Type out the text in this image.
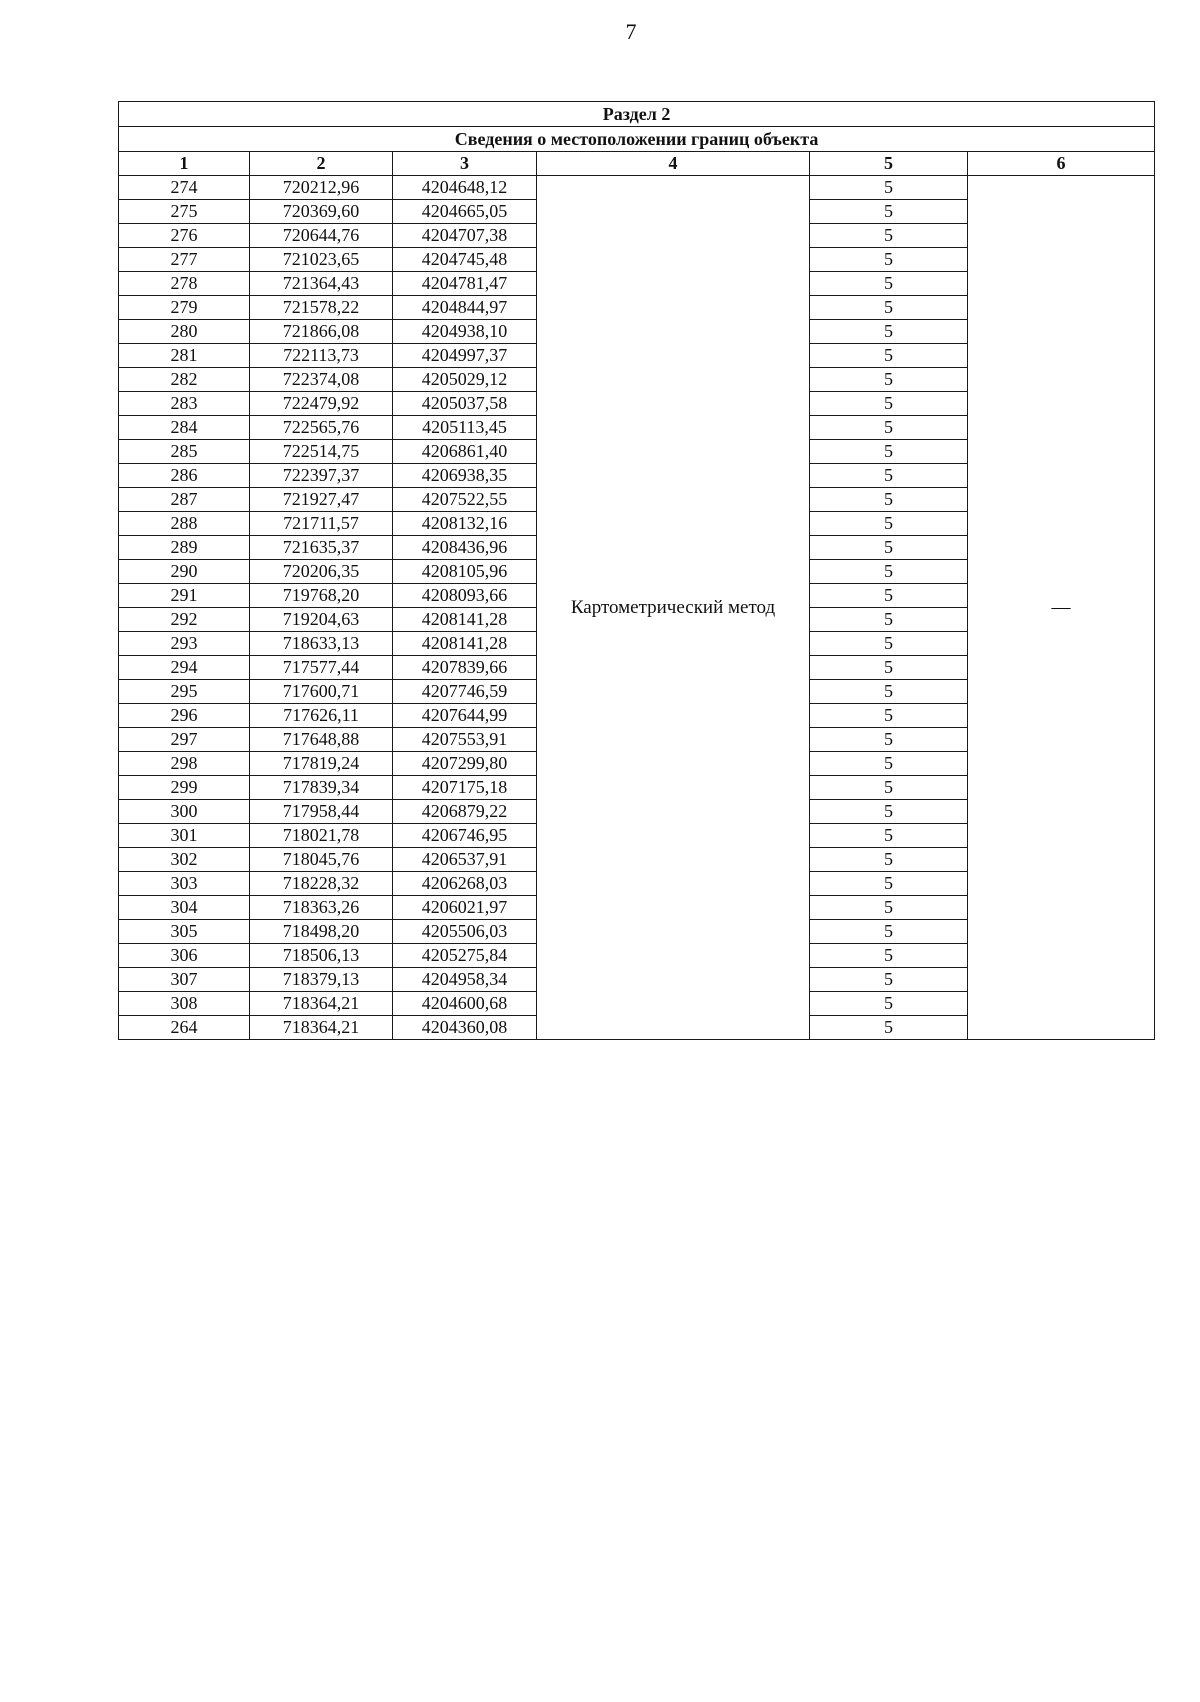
7
Раздел 2					
Сведения о местоположении границ объекта					
1	2	3	4	5	6
274	720212,96	4204648,12	Картометрический метод	5	—
275	720369,60	4204665,05		5	
276	720644,76	4204707,38		5	
277	721023,65	4204745,48		5	
278	721364,43	4204781,47		5	
279	721578,22	4204844,97		5	
280	721866,08	4204938,10		5	
281	722113,73	4204997,37		5	
282	722374,08	4205029,12		5	
283	722479,92	4205037,58		5	
284	722565,76	4205113,45		5	
285	722514,75	4206861,40		5	
286	722397,37	4206938,35		5	
287	721927,47	4207522,55		5	
288	721711,57	4208132,16		5	
289	721635,37	4208436,96		5	
290	720206,35	4208105,96		5	
291	719768,20	4208093,66		5	
292	719204,63	4208141,28		5	
293	718633,13	4208141,28		5	
294	717577,44	4207839,66		5	
295	717600,71	4207746,59		5	
296	717626,11	4207644,99		5	
297	717648,88	4207553,91		5	
298	717819,24	4207299,80		5	
299	717839,34	4207175,18		5	
300	717958,44	4206879,22		5	
301	718021,78	4206746,95		5	
302	718045,76	4206537,91		5	
303	718228,32	4206268,03		5	
304	718363,26	4206021,97		5	
305	718498,20	4205506,03		5	
306	718506,13	4205275,84		5	
307	718379,13	4204958,34		5	
308	718364,21	4204600,68		5	
264	718364,21	4204360,08		5	
